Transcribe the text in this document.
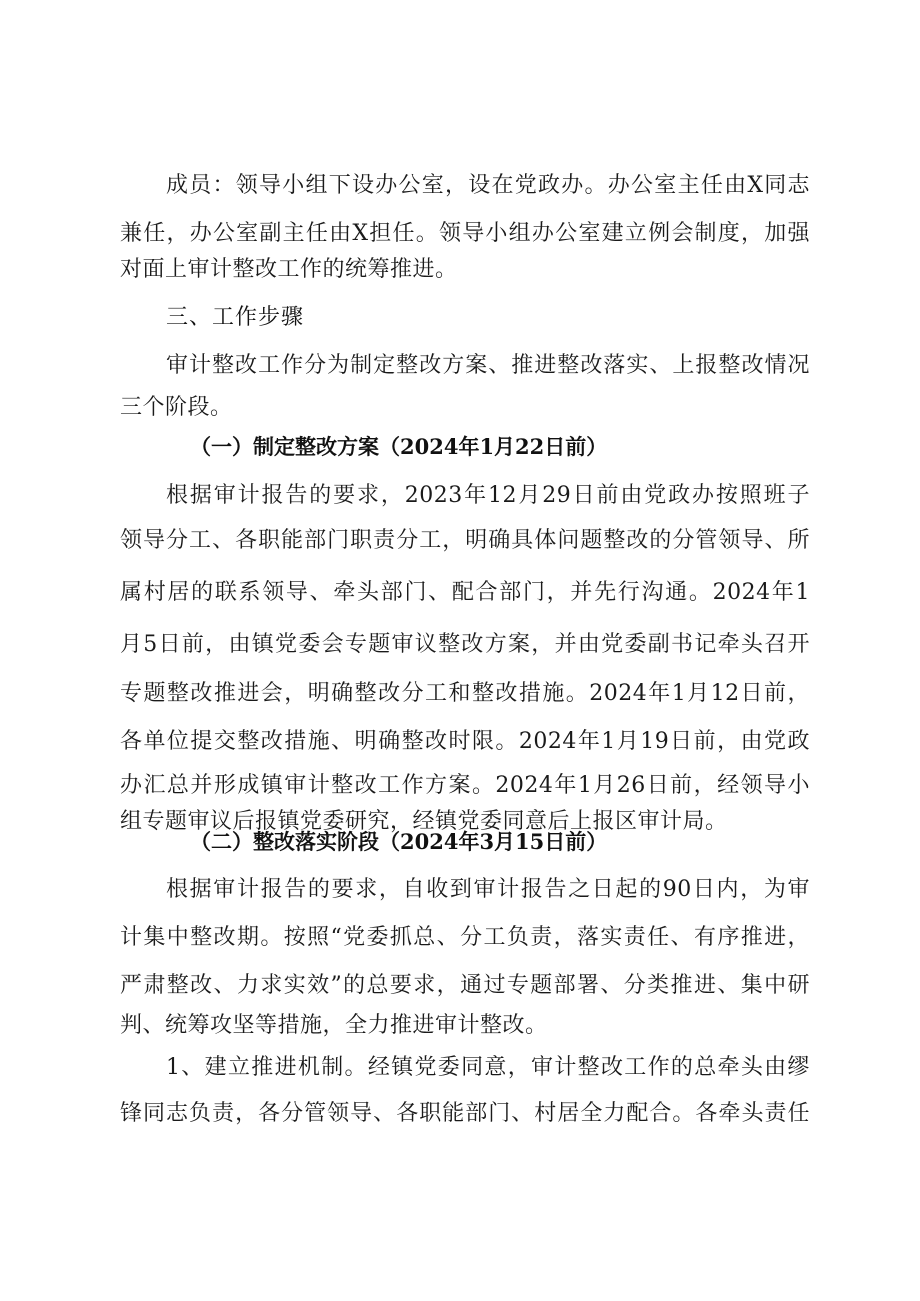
成员：领导小组下设办公室，设在党政办。办公室主任由X同志
兼任，办公室副主任由X担任。领导小组办公室建立例会制度，加强
对面上审计整改工作的统筹推进。
三、工作步骤
审计整改工作分为制定整改方案、推进整改落实、上报整改情况
三个阶段。
（一）制定整改方案（2024年1月22日前）
根据审计报告的要求，2023年12月29日前由党政办按照班子
领导分工、各职能部门职责分工，明确具体问题整改的分管领导、所
属村居的联系领导、牵头部门、配合部门，并先行沟通。2024年1
月5日前，由镇党委会专题审议整改方案，并由党委副书记牵头召开
专题整改推进会，明确整改分工和整改措施。2024年1月12日前，
各单位提交整改措施、明确整改时限。2024年1月19日前，由党政
办汇总并形成镇审计整改工作方案。2024年1月26日前，经领导小
组专题审议后报镇党委研究，经镇党委同意后上报区审计局。
（二）整改落实阶段（2024年3月15日前）
根据审计报告的要求，自收到审计报告之日起的90日内，为审
计集中整改期。按照“党委抓总、分工负责，落实责任、有序推进，
严肃整改、力求实效”的总要求，通过专题部署、分类推进、集中研
判、统筹攻坚等措施，全力推进审计整改。
1、建立推进机制。经镇党委同意，审计整改工作的总牵头由缪
锋同志负责，各分管领导、各职能部门、村居全力配合。各牵头责任
